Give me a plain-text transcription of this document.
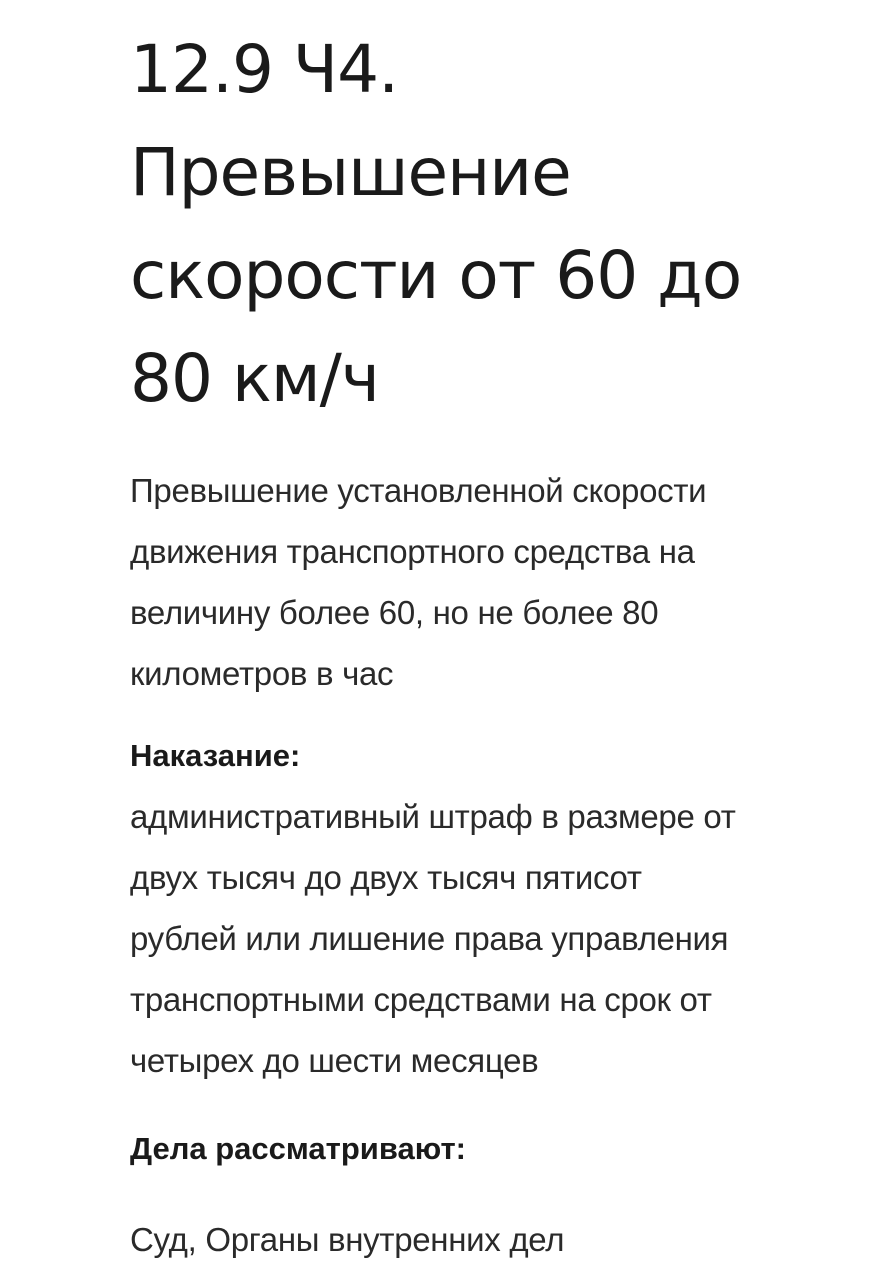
12.9 Ч4.
Превышение
скорости от 60 до
80 км/ч
Превышение установленной скорости
движения транспортного средства на
величину более 60, но не более 80
километров в час
Наказание:
административный штраф в размере от
двух тысяч до двух тысяч пятисот
рублей или лишение права управления
транспортными средствами на срок от
четырех до шести месяцев
Дела рассматривают:
Суд, Органы внутренних дел
